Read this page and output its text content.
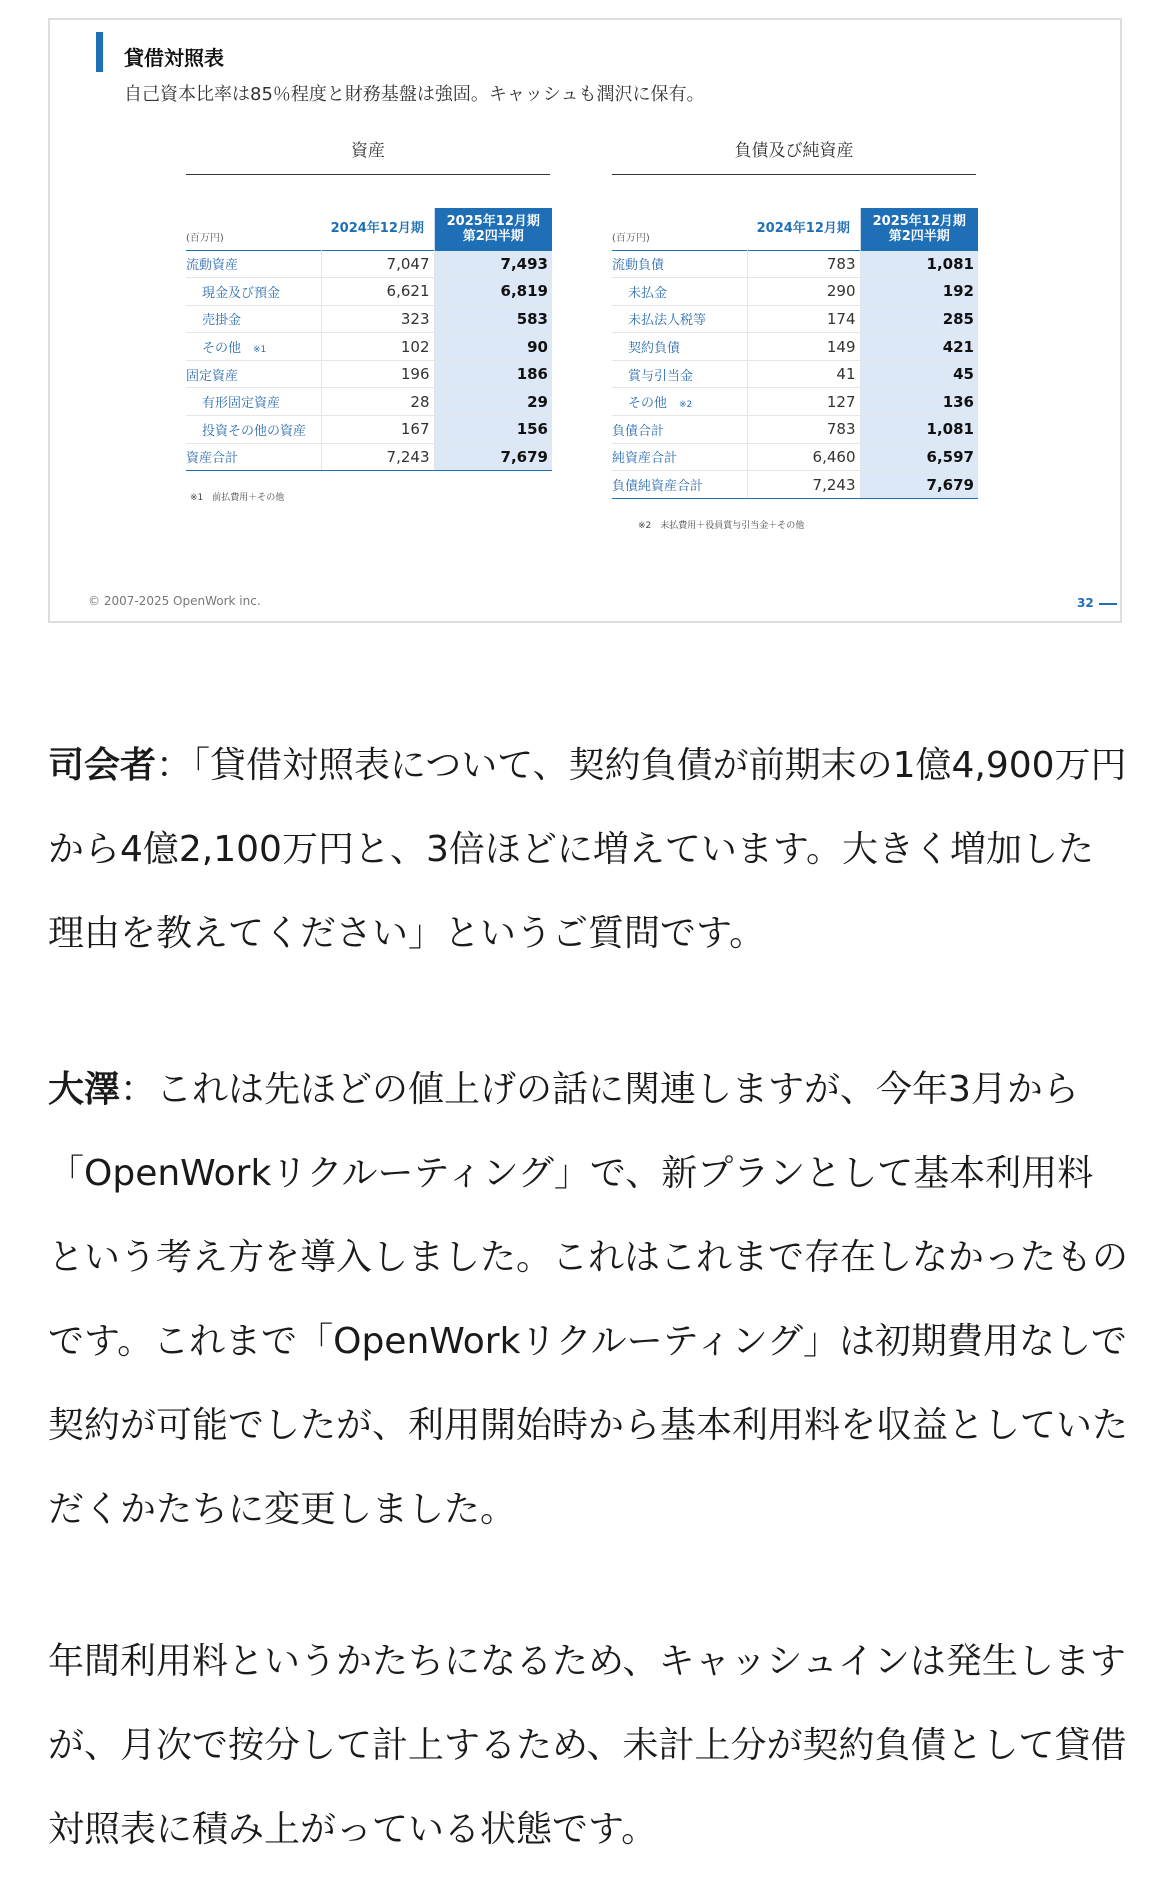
貸借対照表
自己資本比率は85％程度と財務基盤は強固。キャッシュも潤沢に保有。
資産
(百万円)	2024年12月期	2025年12月期
第2四半期

流動資産	7,047	7,493
現金及び預金	6,621	6,819
売掛金	323	583
その他 ※1	102	90
固定資産	196	186
有形固定資産	28	29
投資その他の資産	167	156
資産合計	7,243	7,679
※1　前払費用＋その他
負債及び純資産
(百万円)	2024年12月期	2025年12月期
第2四半期

流動負債	783	1,081
未払金	290	192
未払法人税等	174	285
契約負債	149	421
賞与引当金	41	45
その他 ※2	127	136
負債合計	783	1,081
純資産合計	6,460	6,597
負債純資産合計	7,243	7,679
※2　未払費用＋役員賞与引当金＋その他
© 2007-2025 OpenWork inc.	32
司会者：「貸借対照表について、契約負債が前期末の1億4,900万円から4億2,100万円と、3倍ほどに増えています。大きく増加した理由を教えてください」というご質問です。
大澤：これは先ほどの値上げの話に関連しますが、今年3月から「OpenWorkリクルーティング」で、新プランとして基本利用料という考え方を導入しました。これはこれまで存在しなかったものです。これまで「OpenWorkリクルーティング」は初期費用なしで契約が可能でしたが、利用開始時から基本利用料を収益としていただくかたちに変更しました。
年間利用料というかたちになるため、キャッシュインは発生しますが、月次で按分して計上するため、未計上分が契約負債として貸借対照表に積み上がっている状態です。
